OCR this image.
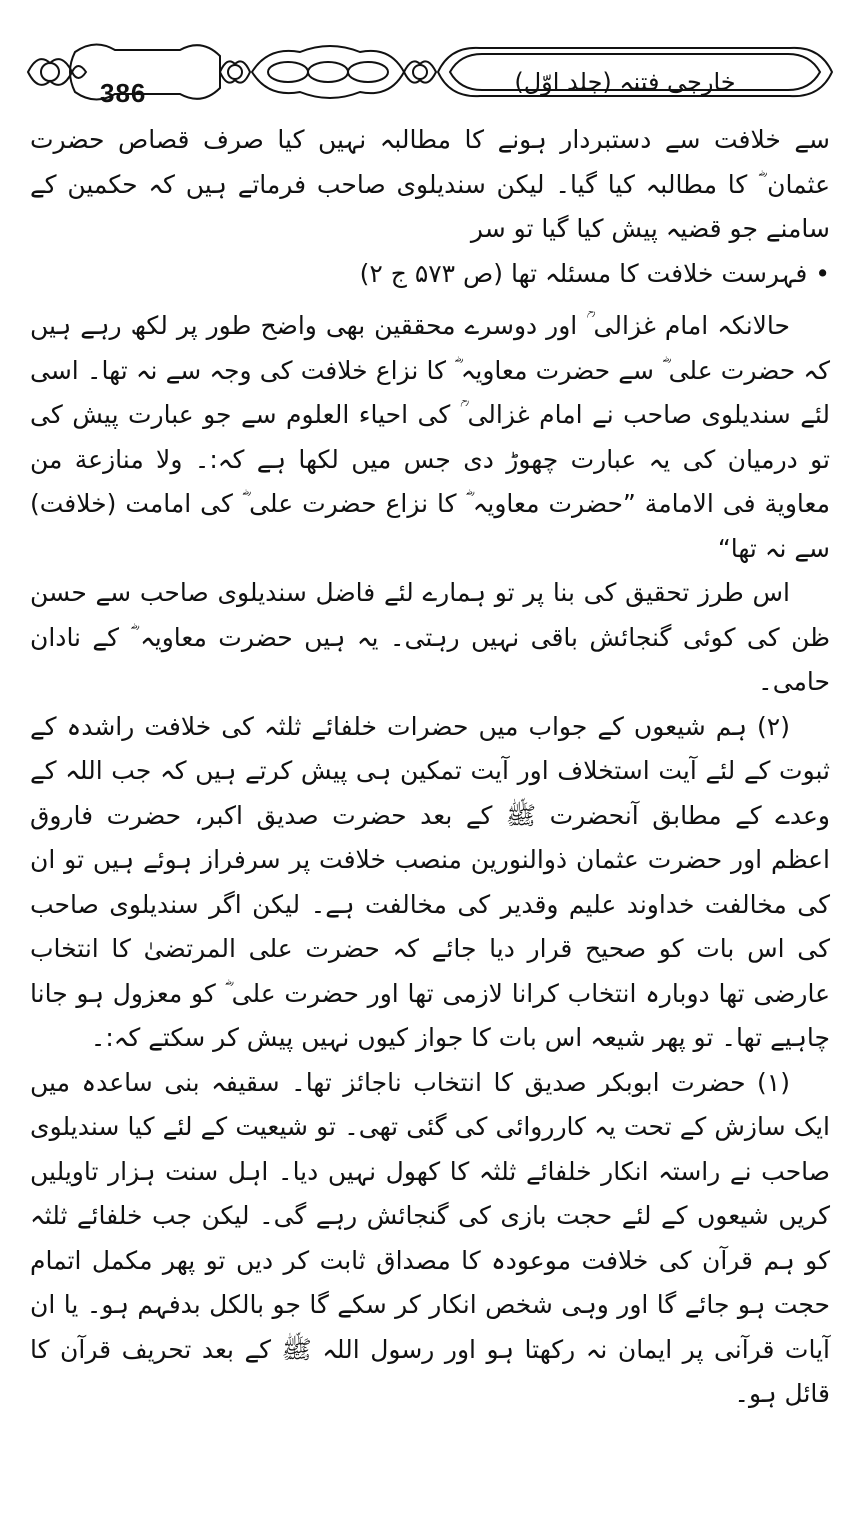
386	خارجی فتنہ (جلد اوّل)

سے خلافت سے دستبردار ہونے کا مطالبہ نہیں کیا صرف قصاص حضرت عثمان ؓ کا مطالبہ کیا گیا۔ لیکن سندیلوی صاحب فرماتے ہیں کہ حکمین کے سامنے جو قضیہ پیش کیا گیا تو سر

• فہرست خلافت کا مسئلہ تھا (ص ۵۷۳ ج ۲)

حالانکہ امام غزالی ؒ اور دوسرے محققین بھی واضح طور پر لکھ رہے ہیں کہ حضرت علی ؓ سے حضرت معاویہ ؓ کا نزاع خلافت کی وجہ سے نہ تھا۔ اسی لئے سندیلوی صاحب نے امام غزالی ؒ کی احیاء العلوم سے جو عبارت پیش کی تو درمیان کی یہ عبارت چھوڑ دی جس میں لکھا ہے کہ:۔ ولا منازعة من معاوية فی الامامة ”حضرت معاویہ ؓ کا نزاع حضرت علی ؓ کی امامت (خلافت) سے نہ تھا“

اس طرز تحقیق کی بنا پر تو ہمارے لئے فاضل سندیلوی صاحب سے حسن ظن کی کوئی گنجائش باقی نہیں رہتی۔ یہ ہیں حضرت معاویہ ؓ کے نادان حامی۔

(۲) ہم شیعوں کے جواب میں حضرات خلفائے ثلثہ کی خلافت راشدہ کے ثبوت کے لئے آیت استخلاف اور آیت تمکین ہی پیش کرتے ہیں کہ جب اللہ کے وعدے کے مطابق آنحضرت ﷺ کے بعد حضرت صدیق اکبر، حضرت فاروق اعظم اور حضرت عثمان ذوالنورین منصب خلافت پر سرفراز ہوئے ہیں تو ان کی مخالفت خداوند علیم وقدیر کی مخالفت ہے۔ لیکن اگر سندیلوی صاحب کی اس بات کو صحیح قرار دیا جائے کہ حضرت علی المرتضیٰ کا انتخاب عارضی تھا دوبارہ انتخاب کرانا لازمی تھا اور حضرت علی ؓ کو معزول ہو جانا چاہیے تھا۔ تو پھر شیعہ اس بات کا جواز کیوں نہیں پیش کر سکتے کہ:۔

(۱) حضرت ابوبکر صدیق کا انتخاب ناجائز تھا۔ سقیفہ بنی ساعدہ میں ایک سازش کے تحت یہ کارروائی کی گئی تھی۔ تو شیعیت کے لئے کیا سندیلوی صاحب نے راستہ انکار خلفائے ثلثہ کا کھول نہیں دیا۔ اہل سنت ہزار تاویلیں کریں شیعوں کے لئے حجت بازی کی گنجائش رہے گی۔ لیکن جب خلفائے ثلثہ کو ہم قرآن کی خلافت موعودہ کا مصداق ثابت کر دیں تو پھر مکمل اتمام حجت ہو جائے گا اور وہی شخص انکار کر سکے گا جو بالکل بدفہم ہو۔ یا ان آیات قرآنی پر ایمان نہ رکھتا ہو اور رسول اللہ ﷺ کے بعد تحریف قرآن کا قائل ہو۔
